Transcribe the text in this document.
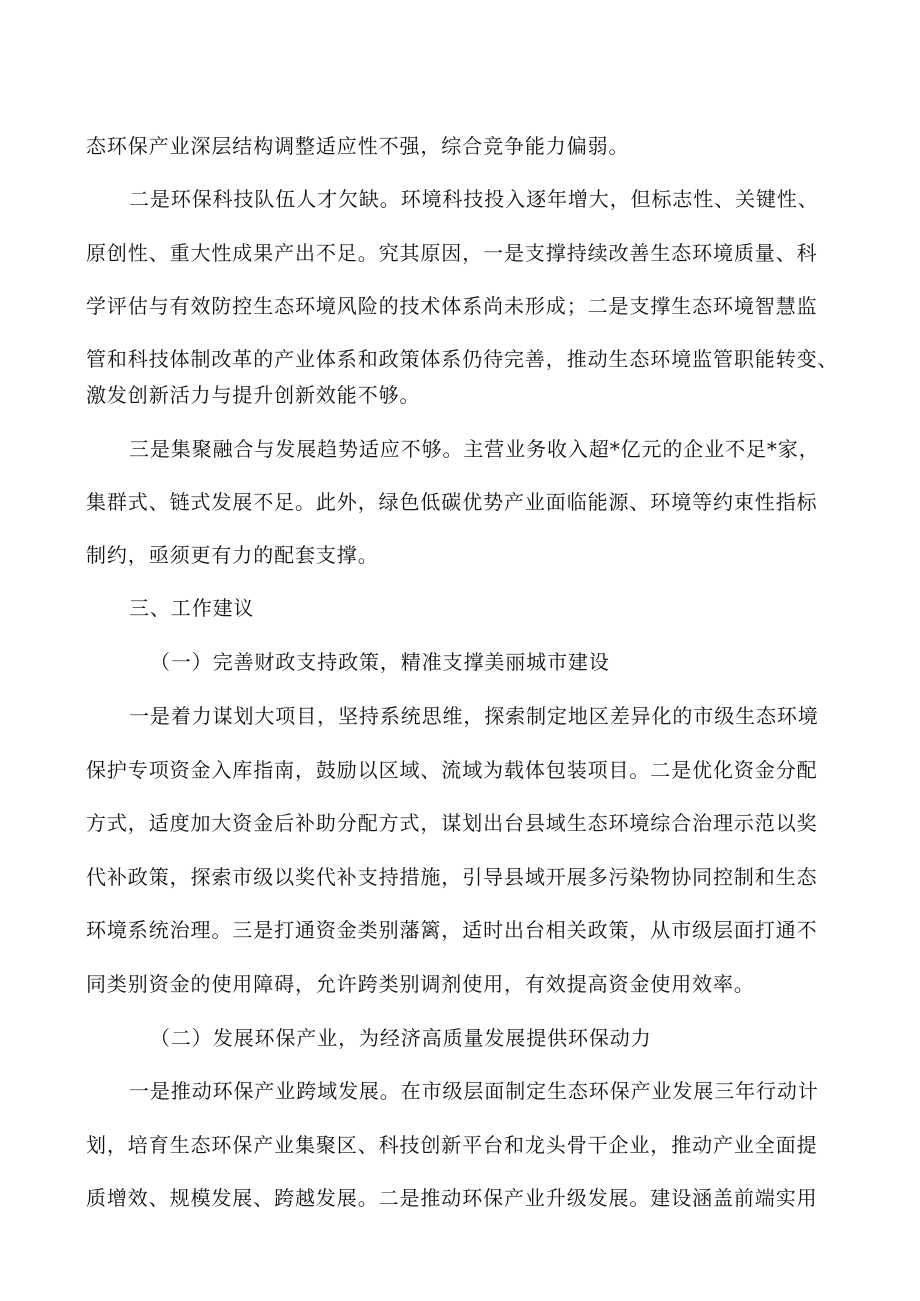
态环保产业深层结构调整适应性不强，综合竞争能力偏弱。
二是环保科技队伍人才欠缺。环境科技投入逐年增大，但标志性、关键性、
原创性、重大性成果产出不足。究其原因，一是支撑持续改善生态环境质量、科
学评估与有效防控生态环境风险的技术体系尚未形成；二是支撑生态环境智慧监
管和科技体制改革的产业体系和政策体系仍待完善，推动生态环境监管职能转变、
激发创新活力与提升创新效能不够。
三是集聚融合与发展趋势适应不够。主营业务收入超*亿元的企业不足*家，
集群式、链式发展不足。此外，绿色低碳优势产业面临能源、环境等约束性指标
制约，亟须更有力的配套支撑。
三、工作建议
（一）完善财政支持政策，精准支撑美丽城市建设
一是着力谋划大项目，坚持系统思维，探索制定地区差异化的市级生态环境
保护专项资金入库指南，鼓励以区域、流域为载体包装项目。二是优化资金分配
方式，适度加大资金后补助分配方式，谋划出台县域生态环境综合治理示范以奖
代补政策，探索市级以奖代补支持措施，引导县域开展多污染物协同控制和生态
环境系统治理。三是打通资金类别藩篱，适时出台相关政策，从市级层面打通不
同类别资金的使用障碍，允许跨类别调剂使用，有效提高资金使用效率。
（二）发展环保产业，为经济高质量发展提供环保动力
一是推动环保产业跨域发展。在市级层面制定生态环保产业发展三年行动计
划，培育生态环保产业集聚区、科技创新平台和龙头骨干企业，推动产业全面提
质增效、规模发展、跨越发展。二是推动环保产业升级发展。建设涵盖前端实用
